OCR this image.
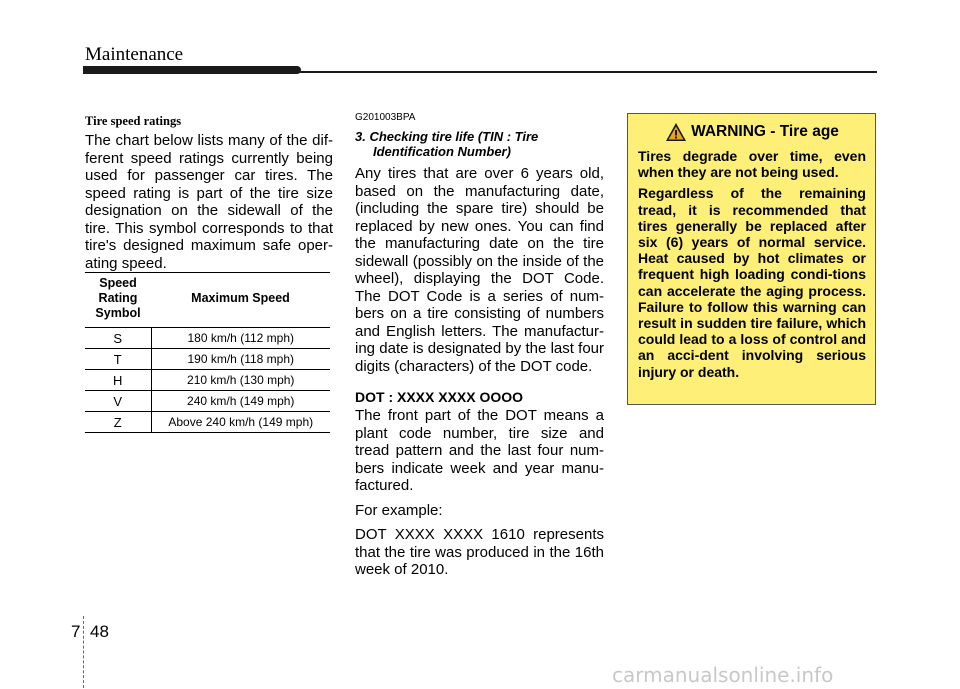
Maintenance
Tire speed ratings

The chart below lists many of the dif-ferent speed ratings currently being used for passenger car tires. The speed rating is part of the tire size designation on the sidewall of the tire. This symbol corresponds to that tire's designed maximum safe oper-ating speed.

Speed Rating Symbol	Maximum Speed
S	180 km/h (112 mph)
T	190 km/h (118 mph)
H	210 km/h (130 mph)
V	240 km/h (149 mph)
Z	Above 240 km/h (149 mph)
G201003BPA
3. Checking tire life (TIN : Tire
Identification Number)

Any tires that are over 6 years old, based on the manufacturing date, (including the spare tire) should be replaced by new ones. You can find the manufacturing date on the tire sidewall (possibly on the inside of the wheel), displaying the DOT Code. The DOT Code is a series of num-bers on a tire consisting of numbers and English letters. The manufactur-ing date is designated by the last four digits (characters) of the DOT code.

DOT : XXXX XXXX OOOO

The front part of the DOT means a plant code number, tire size and tread pattern and the last four num-bers indicate week and year manu-factured.

For example:

DOT XXXX XXXX 1610 represents that the tire was produced in the 16th week of 2010.

WARNING - Tire age

Tires degrade over time, even when they are not being used.

Regardless of the remaining tread, it is recommended that tires generally be replaced after six (6) years of normal service. Heat caused by hot climates or frequent high loading condi-tions can accelerate the aging process. Failure to follow this warning can result in sudden tire failure, which could lead to a loss of control and an acci-dent involving serious injury or death.

7 48
carmanualsonline.info
